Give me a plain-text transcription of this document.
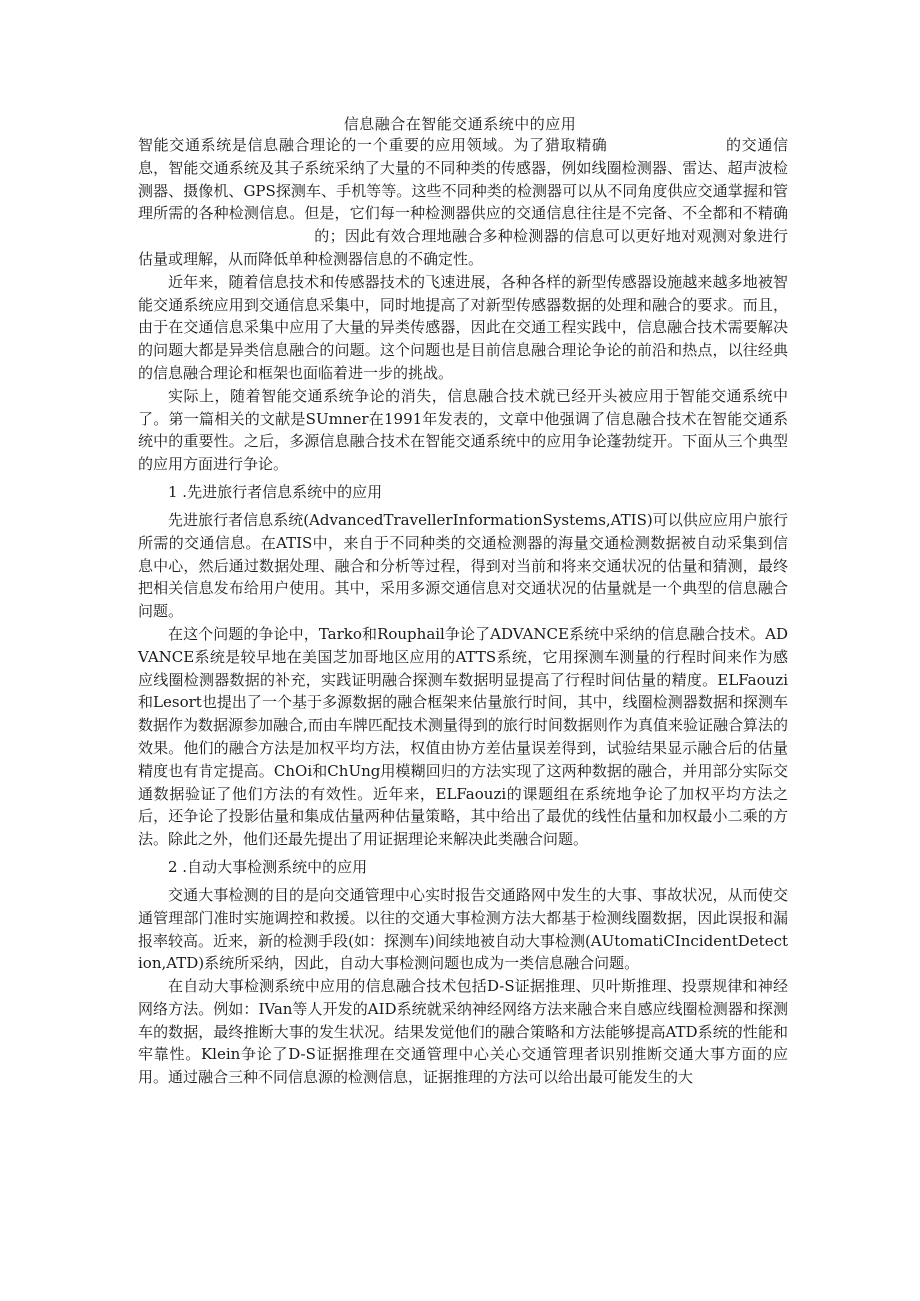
信息融合在智能交通系统中的应用

智能交通系统是信息融合理论的一个重要的应用领域。为了猎取精确	的交通信息，智能交通系统及其子系统采纳了大量的不同种类的传感器，例如线圈检测器、雷达、超声波检测器、摄像机、GPS探测车、手机等等。这些不同种类的检测器可以从不同角度供应交通掌握和管理所需的各种检测信息。但是，它们每一种检测器供应的交通信息往往是不完备、不全都和不精确的；因此有效合理地融合多种检测器的信息可以更好地对观测对象进行估量或理解，从而降低单种检测器信息的不确定性。

近年来，随着信息技术和传感器技术的飞速进展，各种各样的新型传感器设施越来越多地被智能交通系统应用到交通信息采集中，同时地提高了对新型传感器数据的处理和融合的要求。而且，由于在交通信息采集中应用了大量的异类传感器，因此在交通工程实践中，信息融合技术需要解决的问题大都是异类信息融合的问题。这个问题也是目前信息融合理论争论的前沿和热点，以往经典的信息融合理论和框架也面临着进一步的挑战。

实际上，随着智能交通系统争论的消失，信息融合技术就已经开头被应用于智能交通系统中了。第一篇相关的文献是SUmner在1991年发表的，文章中他强调了信息融合技术在智能交通系统中的重要性。之后，多源信息融合技术在智能交通系统中的应用争论蓬勃绽开。下面从三个典型的应用方面进行争论。

1 .先进旅行者信息系统中的应用

先进旅行者信息系统(AdvancedTravellerInformationSystems,ATIS)可以供应应用户旅行所需的交通信息。在ATIS中，来自于不同种类的交通检测器的海量交通检测数据被自动采集到信息中心，然后通过数据处理、融合和分析等过程，得到对当前和将来交通状况的估量和猜测，最终把相关信息发布给用户使用。其中，采用多源交通信息对交通状况的估量就是一个典型的信息融合问题。

在这个问题的争论中，Tarko和Rouphail争论了ADVANCE系统中采纳的信息融合技术。ADVANCE系统是较早地在美国芝加哥地区应用的ATTS系统，它用探测车测量的行程时间来作为感应线圈检测器数据的补充，实践证明融合探测车数据明显提高了行程时间估量的精度。ELFaouzi和Lesort也提出了一个基于多源数据的融合框架来估量旅行时间，其中，线圈检测器数据和探测车数据作为数据源参加融合,而由车牌匹配技术测量得到的旅行时间数据则作为真值来验证融合算法的效果。他们的融合方法是加权平均方法，权值由协方差估量误差得到，试验结果显示融合后的估量精度也有肯定提高。ChOi和ChUng用模糊回归的方法实现了这两种数据的融合，并用部分实际交通数据验证了他们方法的有效性。近年来，ELFaouzi的课题组在系统地争论了加权平均方法之后，还争论了投影估量和集成估量两种估量策略，其中给出了最优的线性估量和加权最小二乘的方法。除此之外，他们还最先提出了用证据理论来解决此类融合问题。

2 .自动大事检测系统中的应用

交通大事检测的目的是向交通管理中心实时报告交通路网中发生的大事、事故状况，从而使交通管理部门准时实施调控和救援。以往的交通大事检测方法大都基于检测线圈数据，因此误报和漏报率较高。近来，新的检测手段(如：探测车)间续地被自动大事检测(AUtomatiCIncidentDetection,ATD)系统所采纳，因此，自动大事检测问题也成为一类信息融合问题。

在自动大事检测系统中应用的信息融合技术包括D-S证据推理、贝叶斯推理、投票规律和神经网络方法。例如：IVan等人开发的AID系统就采纳神经网络方法来融合来自感应线圈检测器和探测车的数据，最终推断大事的发生状况。结果发觉他们的融合策略和方法能够提高ATD系统的性能和牢靠性。Klein争论了D-S证据推理在交通管理中心关心交通管理者识别推断交通大事方面的应用。通过融合三种不同信息源的检测信息，证据推理的方法可以给出最可能发生的大
